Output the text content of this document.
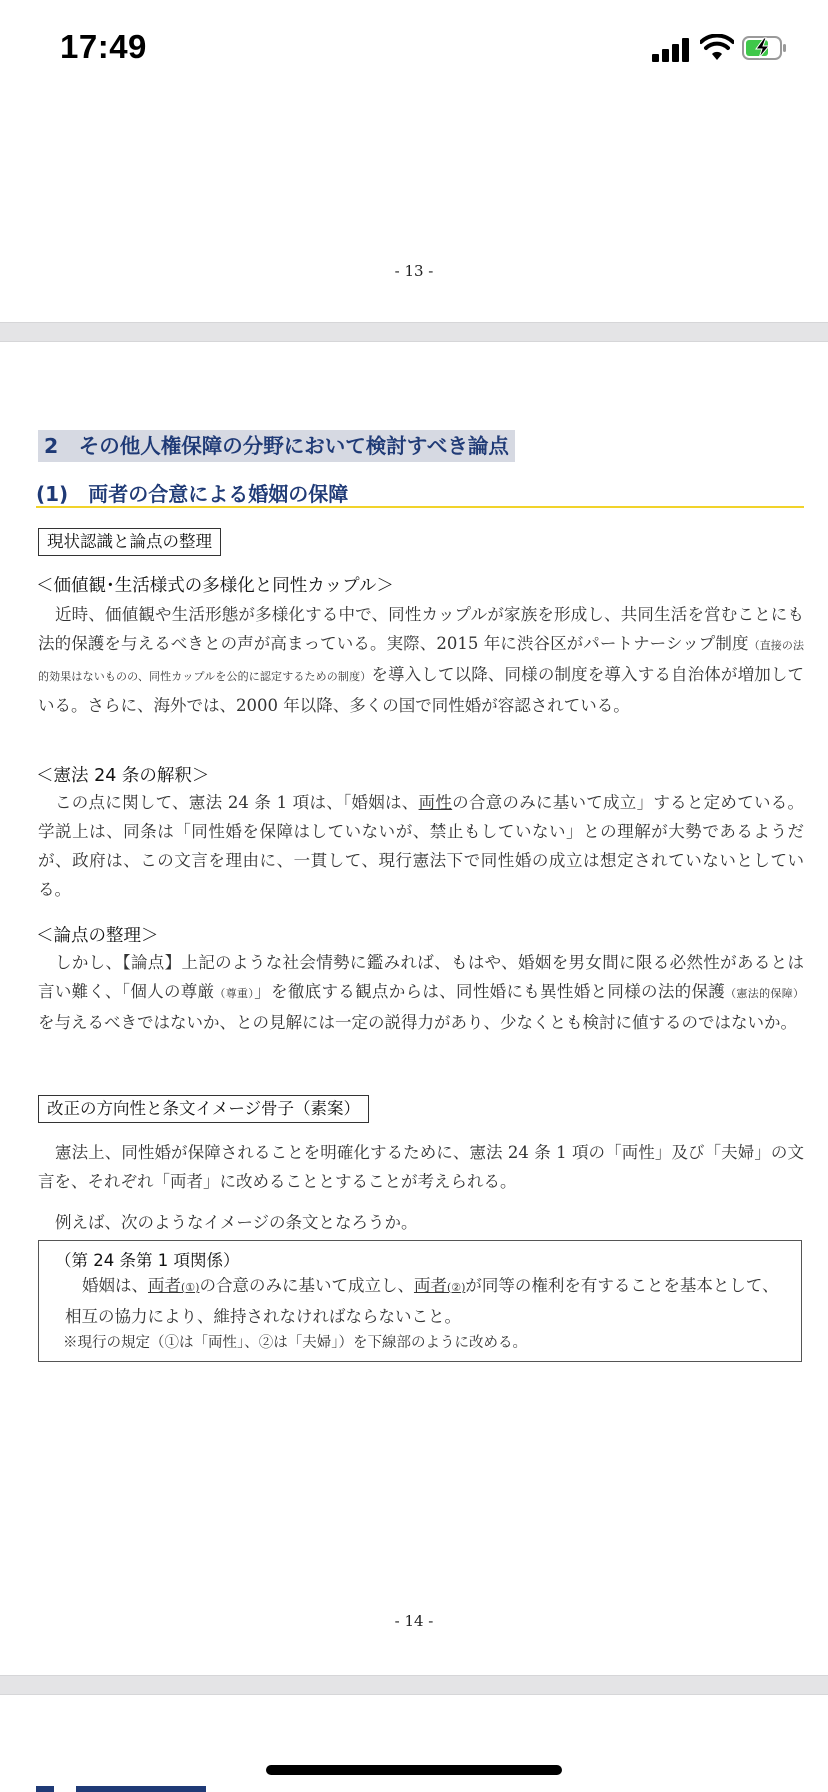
17:49
- 13 -
2　その他人権保障の分野において検討すべき論点
(1)　両者の合意による婚姻の保障
現状認識と論点の整理
＜価値観･生活様式の多様化と同性カップル＞
近時、価値観や生活形態が多様化する中で、同性カップルが家族を形成し、共同生活を営むことにも法的保護を与えるべきとの声が高まっている。実際、2015 年に渋谷区がパートナーシップ制度（直接の法的効果はないものの、同性カップルを公的に認定するための制度）を導入して以降、同様の制度を導入する自治体が増加している。さらに、海外では、2000 年以降、多くの国で同性婚が容認されている。
＜憲法 24 条の解釈＞
この点に関して、憲法 24 条 1 項は、「婚姻は、両性の合意のみに基いて成立」すると定めている。学説上は、同条は「同性婚を保障はしていないが、禁止もしていない」との理解が大勢であるようだが、政府は、この文言を理由に、一貫して、現行憲法下で同性婚の成立は想定されていないとしている。
＜論点の整理＞
しかし、【論点】上記のような社会情勢に鑑みれば、もはや、婚姻を男女間に限る必然性があるとは言い難く、「個人の尊厳（尊重）」を徹底する観点からは、同性婚にも異性婚と同様の法的保護（憲法的保障）を与えるべきではないか、との見解には一定の説得力があり、少なくとも検討に値するのではないか。
改正の方向性と条文イメージ骨子（素案）
憲法上、同性婚が保障されることを明確化するために、憲法 24 条 1 項の「両性」及び「夫婦」の文言を、それぞれ「両者」に改めることとすることが考えられる。
例えば、次のようなイメージの条文となろうか。
（第 24 条第 1 項関係）
婚姻は、両者(①)の合意のみに基いて成立し、両者(②)が同等の権利を有することを基本として、相互の協力により、維持されなければならないこと。
※現行の規定（①は「両性」、②は「夫婦」）を下線部のように改める。
- 14 -
